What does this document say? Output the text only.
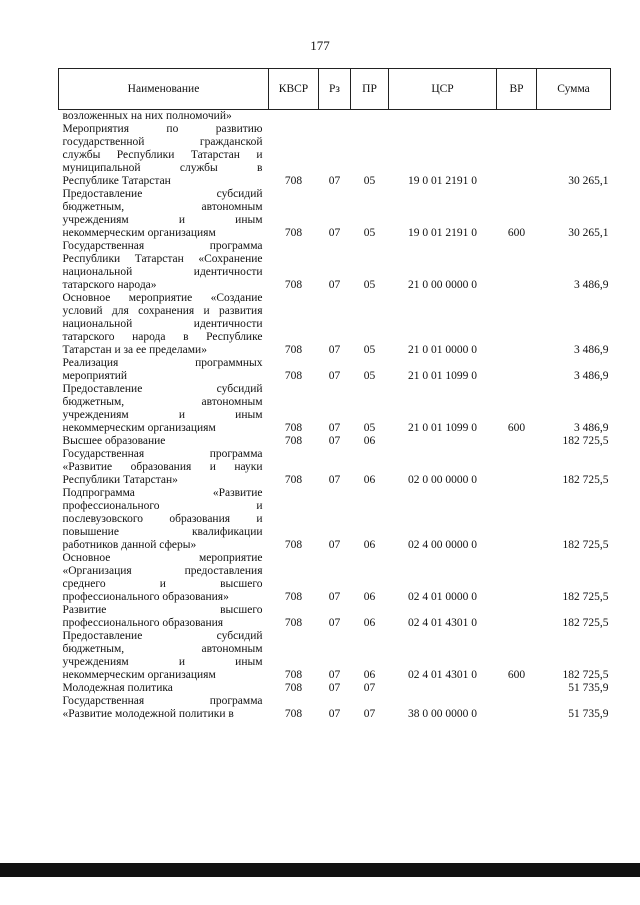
177
Наименование	КВСР	Рз	ПР	ЦСР	ВР	Сумма

возложенных на них полномочий»						

Мероприятия по развитию
государственной гражданской
службы Республики Татарстан и
муниципальной службы в
Республике Татарстан	708	07	05	19 0 01 2191 0		30 265,1

Предоставление субсидий
бюджетным, автономным
учреждениям и иным
некоммерческим организациям	708	07	05	19 0 01 2191 0	600	30 265,1

Государственная программа
Республики Татарстан «Сохранение
национальной идентичности
татарского народа»	708	07	05	21 0 00 0000 0		3 486,9

Основное мероприятие «Создание
условий для сохранения и развития
национальной идентичности
татарского народа в Республике
Татарстан и за ее пределами»	708	07	05	21 0 01 0000 0		3 486,9

Реализация программных
мероприятий	708	07	05	21 0 01 1099 0		3 486,9

Предоставление субсидий
бюджетным, автономным
учреждениям и иным
некоммерческим организациям	708	07	05	21 0 01 1099 0	600	3 486,9

Высшее образование	708	07	06			182 725,5

Государственная программа
«Развитие образования и науки
Республики Татарстан»	708	07	06	02 0 00 0000 0		182 725,5

Подпрограмма «Развитие
профессионального и
послевузовского образования и
повышение квалификации
работников данной сферы»	708	07	06	02 4 00 0000 0		182 725,5

Основное мероприятие
«Организация предоставления
среднего и высшего
профессионального образования»	708	07	06	02 4 01 0000 0		182 725,5

Развитие высшего
профессионального образования	708	07	06	02 4 01 4301 0		182 725,5

Предоставление субсидий
бюджетным, автономным
учреждениям и иным
некоммерческим организациям	708	07	06	02 4 01 4301 0	600	182 725,5

Молодежная политика	708	07	07			51 735,9

Государственная программа
«Развитие молодежной политики в	708	07	07	38 0 00 0000 0		51 735,9
